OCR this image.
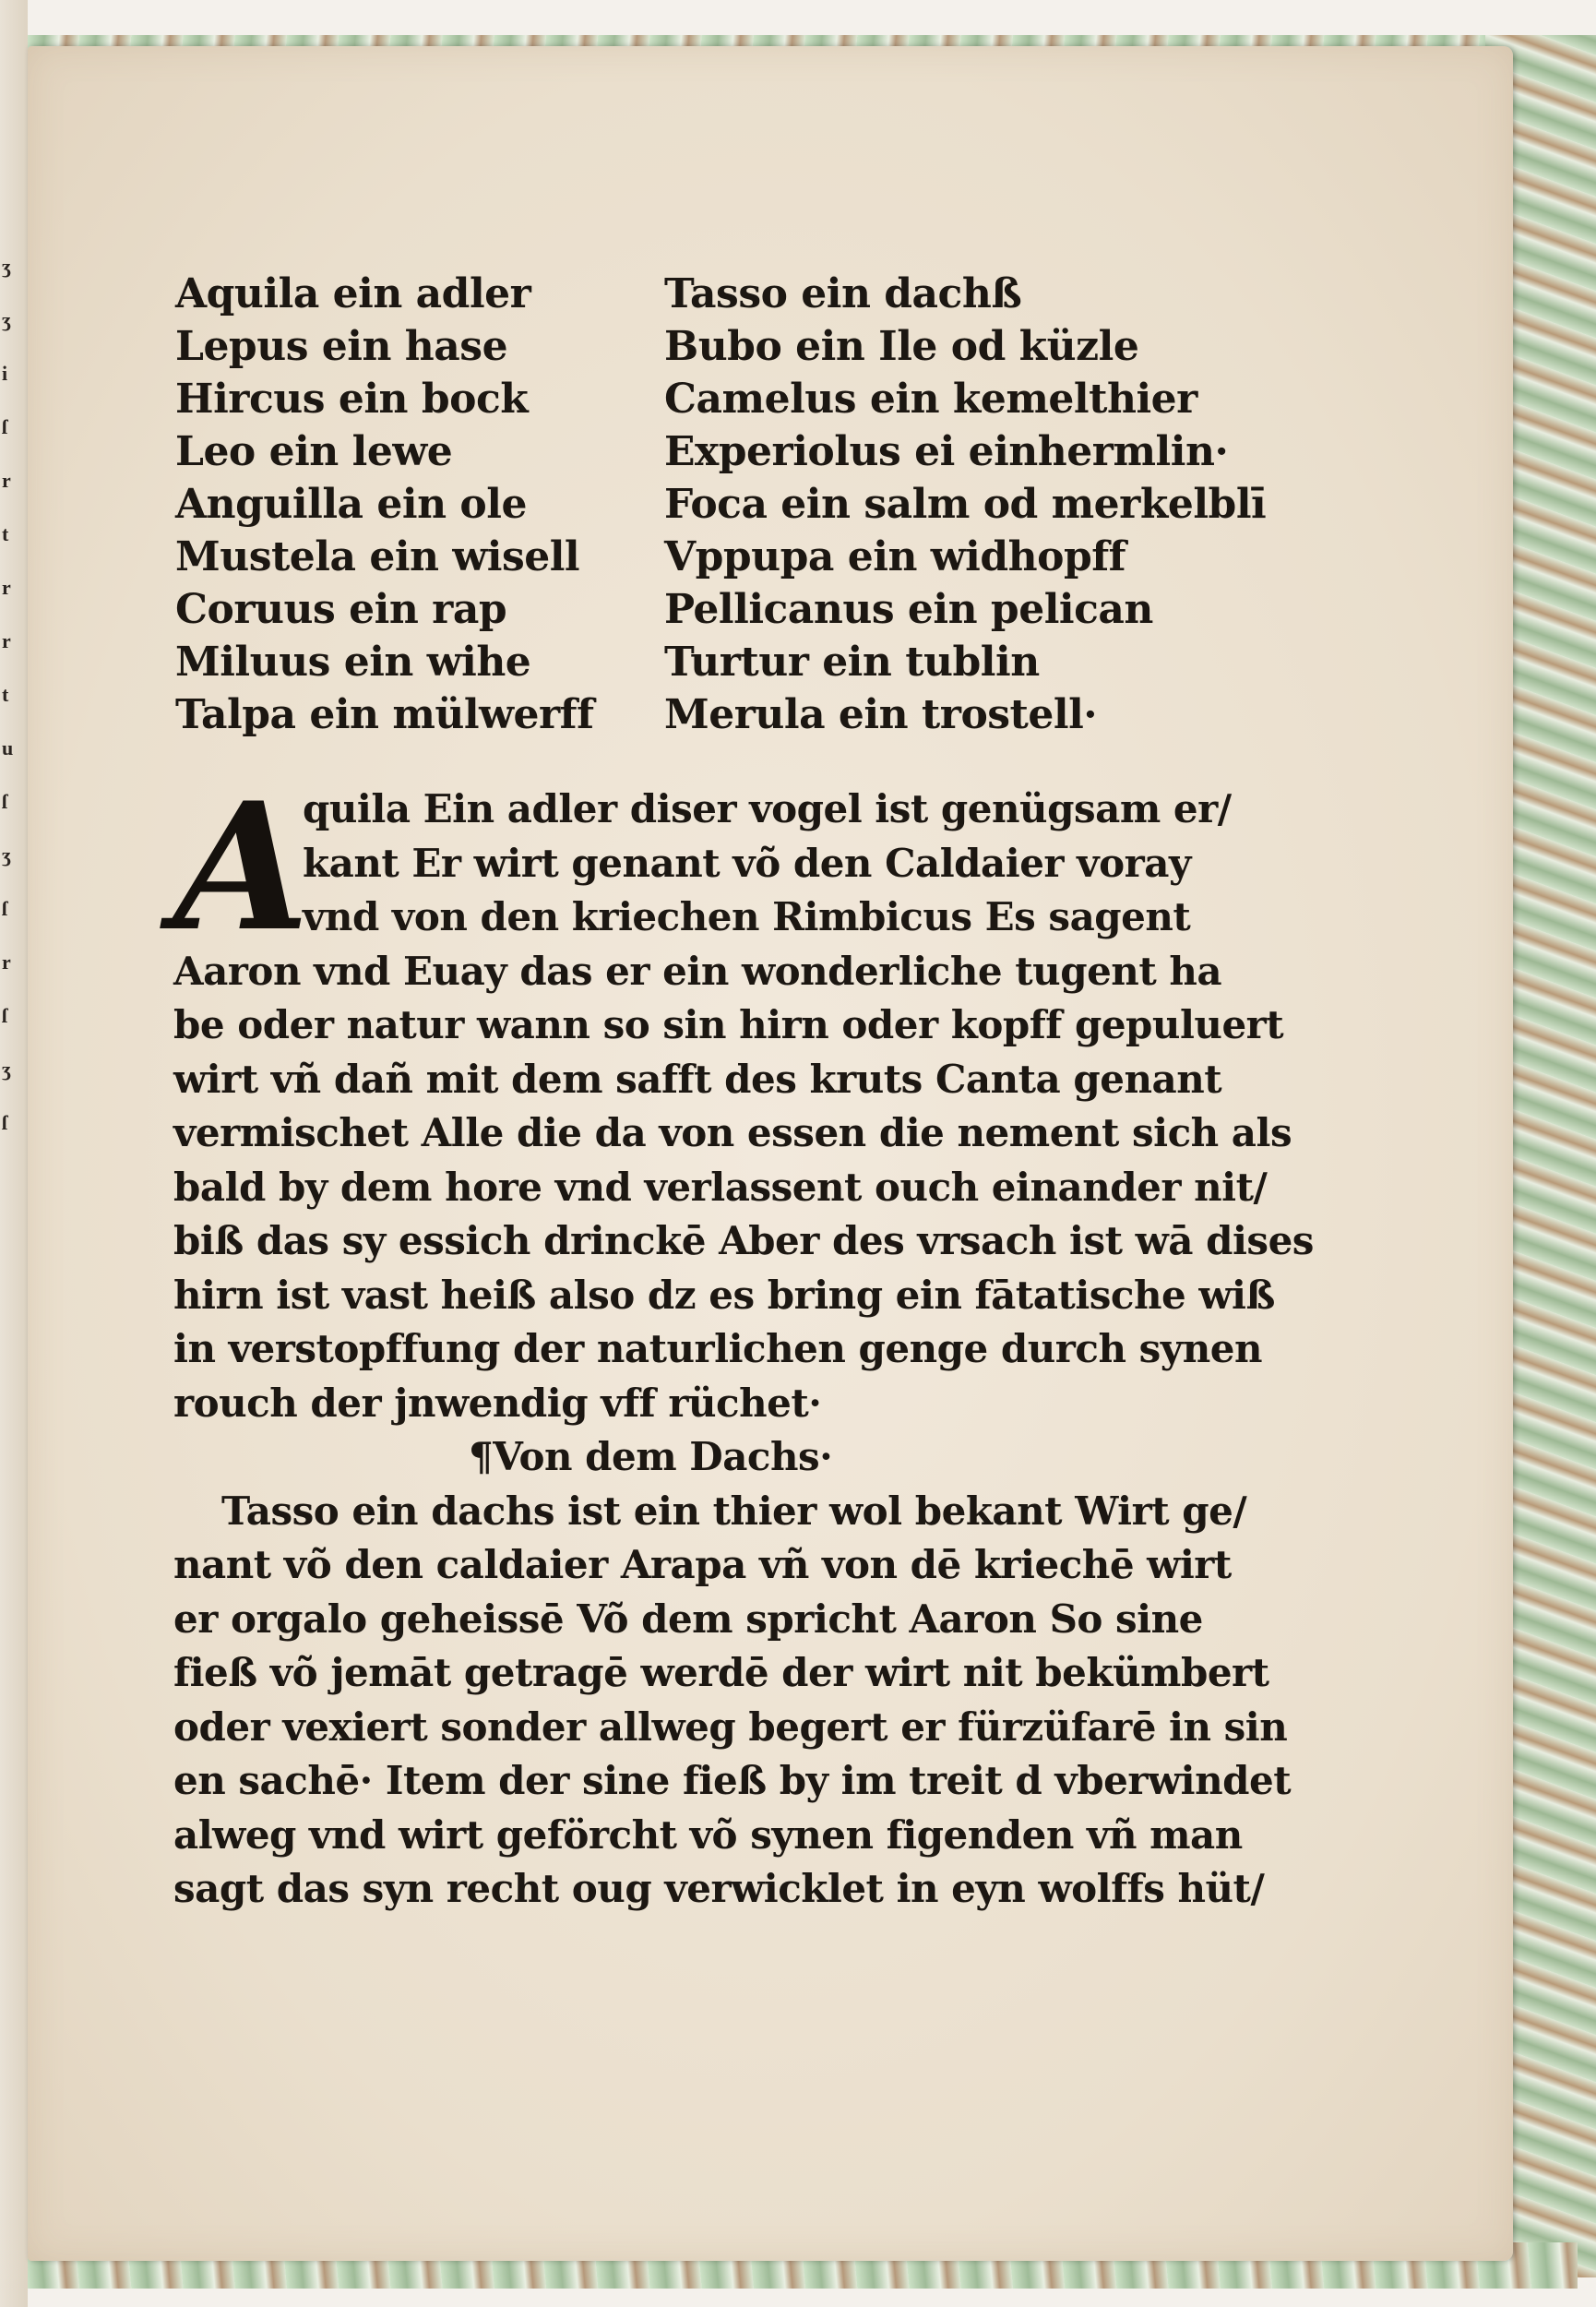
ʒ
ʒ
i
ſ
r
t
r
r
t
u
ſ
ʒ
ſ
r
ſ
ʒ
ſ
Aquila ein adler
Lepus ein hase
Hircus ein bock
Leo ein lewe
Anguilla ein ole
Mustela ein wisell
Coruus ein rap
Miluus ein wihe
Talpa ein mülwerff
Tasso ein dachß
Bubo ein Ile od küzle
Camelus ein kemelthier
Experiolus ei einhermlin·
Foca ein salm od merkelblī
Vppupa ein widhopff
Pellicanus ein pelican
Turtur ein tublin
Merula ein trostell·
A
quila Ein adler diser vogel ist genügsam er/
kant Er wirt genant võ den Caldaier voray
vnd von den kriechen Rimbicus Es sagent
Aaron vnd Euay das er ein wonderliche tugent ha
be oder natur wann so sin hirn oder kopff gepuluert
wirt vñ dañ mit dem safft des kruts Canta genant
vermischet Alle die da von essen die nement sich als
bald by dem hore vnd verlassent ouch einander nit/
biß das sy essich drinckē Aber des vrsach ist wā dises
hirn ist vast heiß also dz es bring ein fātatische wiß
in verstopffung der naturlichen genge durch synen
rouch der jnwendig vff rüchet·
¶Von dem Dachs·
Tasso ein dachs ist ein thier wol bekant Wirt ge/
nant võ den caldaier Arapa vñ von dē kriechē wirt
er orgalo geheissē Võ dem spricht Aaron So sine
fieß võ jemāt getragē werdē der wirt nit bekümbert
oder vexiert sonder allweg begert er fürzüfarē in sin
en sachē· Item der sine fieß by im treit d vberwindet
alweg vnd wirt geförcht võ synen figenden vñ man
sagt das syn recht oug verwicklet in eyn wolffs hüt/
